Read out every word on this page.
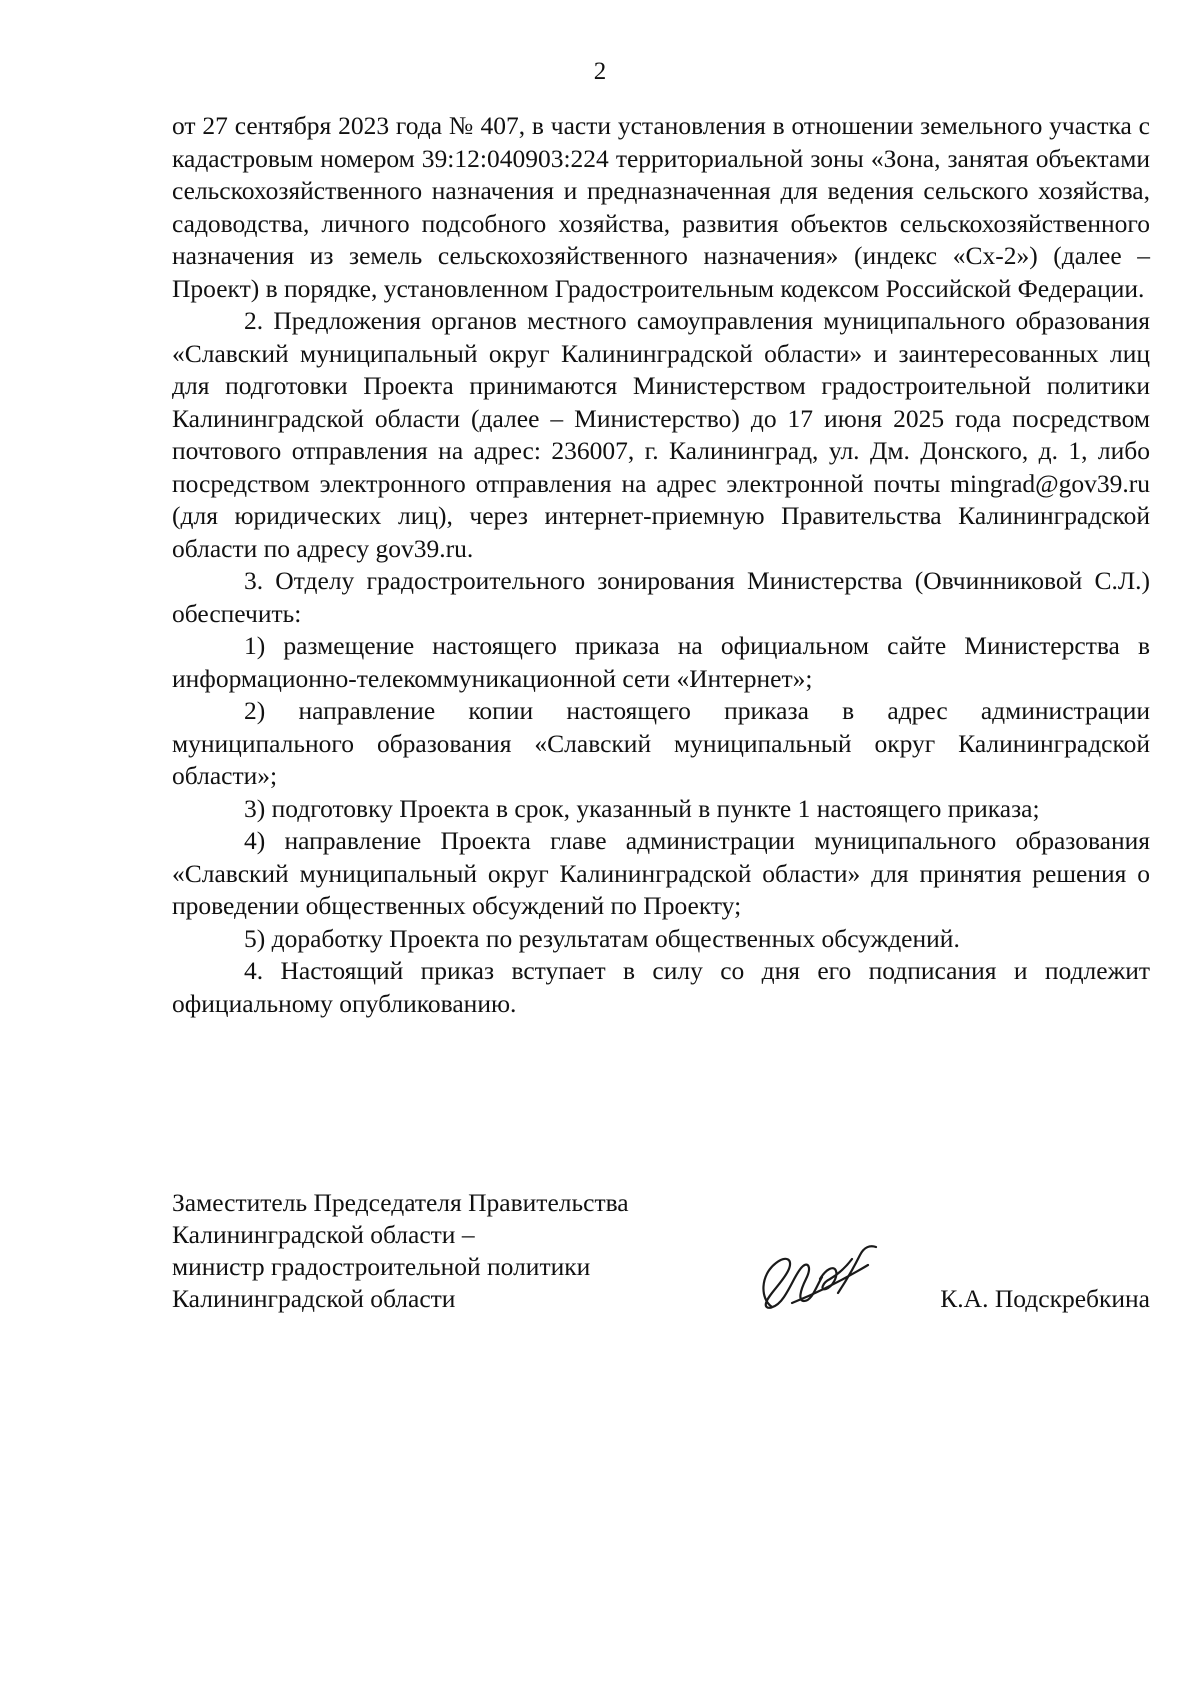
2

от 27 сентября 2023 года № 407, в части установления в отношении земельного участка с кадастровым номером 39:12:040903:224 территориальной зоны «Зона, занятая объектами сельскохозяйственного назначения и предназначенная для ведения сельского хозяйства, садоводства, личного подсобного хозяйства, развития объектов сельскохозяйственного назначения из земель сельскохозяйственного назначения» (индекс «Сх-2») (далее – Проект) в порядке, установленном Градостроительным кодексом Российской Федерации.

2. Предложения органов местного самоуправления муниципального образования «Славский муниципальный округ Калининградской области» и заинтересованных лиц для подготовки Проекта принимаются Министерством градостроительной политики Калининградской области (далее – Министерство) до 17 июня 2025 года посредством почтового отправления на адрес: 236007, г. Калининград, ул. Дм. Донского, д. 1, либо посредством электронного отправления на адрес электронной почты mingrad@gov39.ru (для юридических лиц), через интернет-приемную Правительства Калининградской области по адресу gov39.ru.

3. Отделу градостроительного зонирования Министерства (Овчинниковой С.Л.) обеспечить:

1) размещение настоящего приказа на официальном сайте Министерства в информационно-телекоммуникационной сети «Интернет»;

2) направление копии настоящего приказа в адрес администрации муниципального образования «Славский муниципальный округ Калининградской области»;

3) подготовку Проекта в срок, указанный в пункте 1 настоящего приказа;

4) направление Проекта главе администрации муниципального образования «Славский муниципальный округ Калининградской области» для принятия решения о проведении общественных обсуждений по Проекту;

5) доработку Проекта по результатам общественных обсуждений.

4. Настоящий приказ вступает в силу со дня его подписания и подлежит официальному опубликованию.

Заместитель Председателя Правительства
Калининградской области –
министр градостроительной политики
Калининградской области	К.А. Подскребкина
